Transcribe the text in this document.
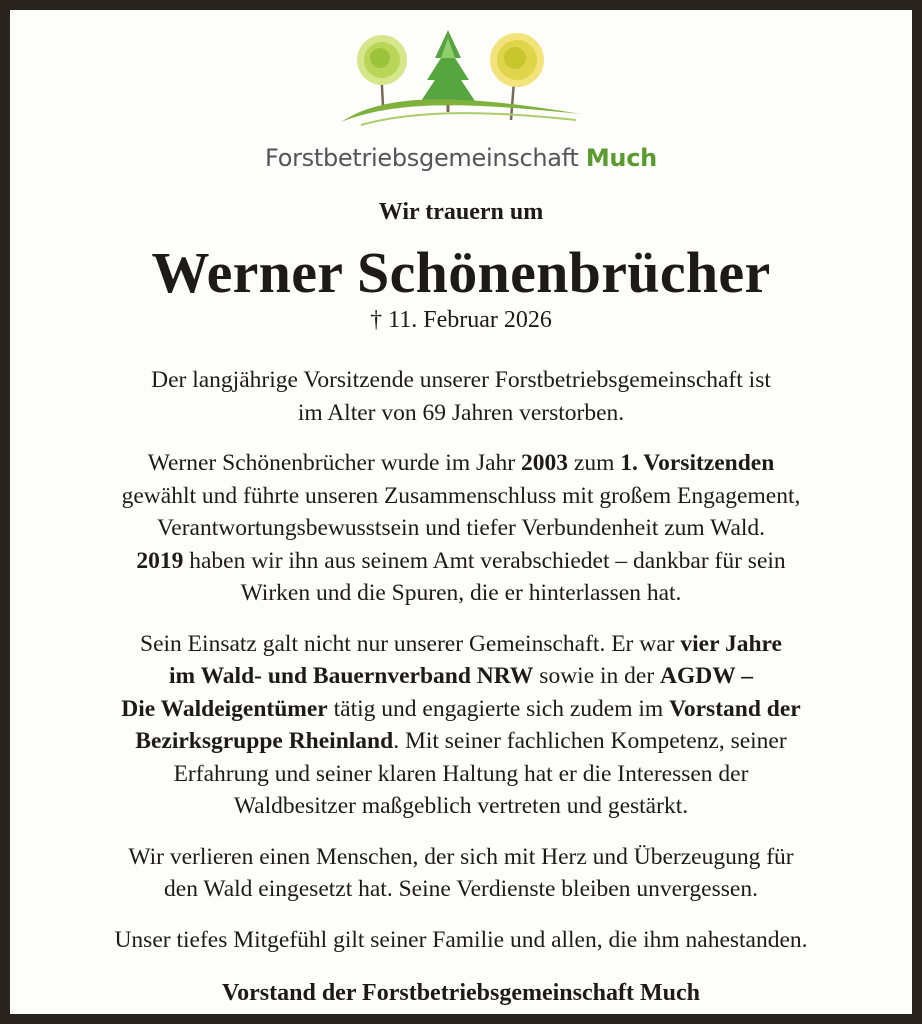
Forstbetriebsgemeinschaft Much
Wir trauern um
Werner Schönenbrücher
† 11. Februar 2026
Der langjährige Vorsitzende unserer Forstbetriebsgemeinschaft ist
im Alter von 69 Jahren verstorben.
Werner Schönenbrücher wurde im Jahr 2003 zum 1. Vorsitzenden
gewählt und führte unseren Zusammenschluss mit großem Engagement,
Verantwortungsbewusstsein und tiefer Verbundenheit zum Wald.
2019 haben wir ihn aus seinem Amt verabschiedet – dankbar für sein
Wirken und die Spuren, die er hinterlassen hat.
Sein Einsatz galt nicht nur unserer Gemeinschaft. Er war vier Jahre
im Wald- und Bauernverband NRW sowie in der AGDW –
Die Waldeigentümer tätig und engagierte sich zudem im Vorstand der
Bezirksgruppe Rheinland. Mit seiner fachlichen Kompetenz, seiner
Erfahrung und seiner klaren Haltung hat er die Interessen der
Waldbesitzer maßgeblich vertreten und gestärkt.
Wir verlieren einen Menschen, der sich mit Herz und Überzeugung für
den Wald eingesetzt hat. Seine Verdienste bleiben unvergessen.
Unser tiefes Mitgefühl gilt seiner Familie und allen, die ihm nahestanden.
Vorstand der Forstbetriebsgemeinschaft Much
